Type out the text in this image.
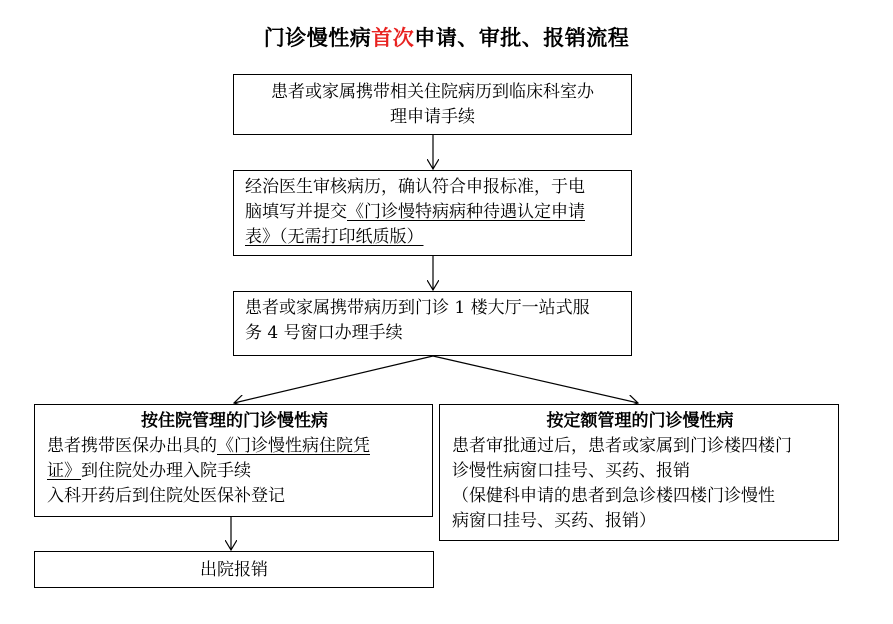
门诊慢性病首次申请、审批、报销流程
患者或家属携带相关住院病历到临床科室办
理申请手续
经治医生审核病历，确认符合申报标准，于电
脑填写并提交《门诊慢特病病种待遇认定申请
表》（无需打印纸质版）
患者或家属携带病历到门诊 1 楼大厅一站式服
务 4 号窗口办理手续
按住院管理的门诊慢性病
患者携带医保办出具的《门诊慢性病住院凭
证》到住院处办理入院手续
入科开药后到住院处医保补登记
按定额管理的门诊慢性病
患者审批通过后，患者或家属到门诊楼四楼门
诊慢性病窗口挂号、买药、报销
（保健科申请的患者到急诊楼四楼门诊慢性
病窗口挂号、买药、报销）
出院报销
